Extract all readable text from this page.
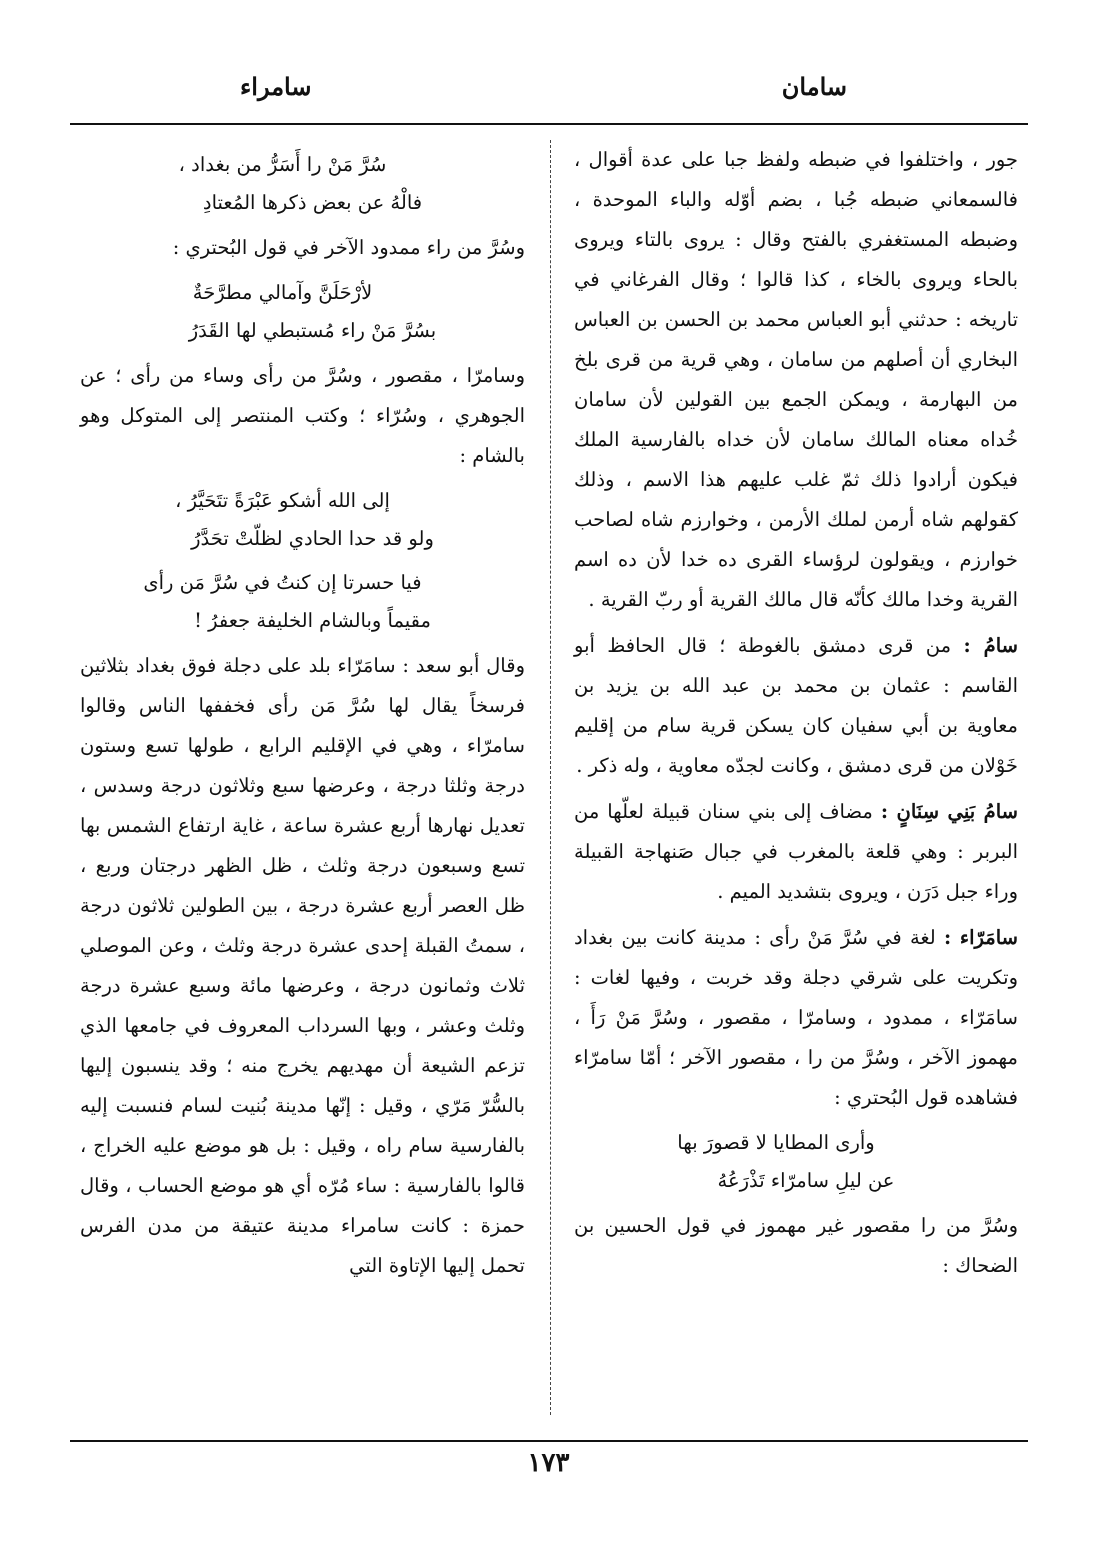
سامان
سامراء

جور ، واختلفوا في ضبطه ولفظ جبا على عدة أقوال ، فالسمعاني ضبطه جُبا ، بضم أوّله والباء الموحدة ، وضبطه المستغفري بالفتح وقال : يروى بالتاء ويروى بالحاء ويروى بالخاء ، كذا قالوا ؛ وقال الفرغاني في تاريخه : حدثني أبو العباس محمد بن الحسن بن العباس البخاري أن أصلهم من سامان ، وهي قرية من قرى بلخ من البهارمة ، ويمكن الجمع بين القولين لأن سامان خُداه معناه المالك سامان لأن خداه بالفارسية الملك فيكون أرادوا ذلك ثمّ غلب عليهم هذا الاسم ، وذلك كقولهم شاه أرمن لملك الأرمن ، وخوارزم شاه لصاحب خوارزم ، ويقولون لرؤساء القرى ده خدا لأن ده اسم القرية وخدا مالك كأنّه قال مالك القرية أو ربّ القرية .

سامُ : من قرى دمشق بالغوطة ؛ قال الحافظ أبو القاسم : عثمان بن محمد بن عبد الله بن يزيد بن معاوية بن أبي سفيان كان يسكن قرية سام من إقليم خَوْلان من قرى دمشق ، وكانت لجدّه معاوية ، وله ذكر .

سامُ بَنِي سِنَانٍ : مضاف إلى بني سنان قبيلة لعلّها من البربر : وهي قلعة بالمغرب في جبال صَنهاجة القبيلة وراء جبل دَرَن ، ويروى بتشديد الميم .

سامَرّاء : لغة في سُرَّ مَنْ رأى : مدينة كانت بين بغداد وتكريت على شرقي دجلة وقد خربت ، وفيها لغات : سامَرّاء ، ممدود ، وسامرّا ، مقصور ، وسُرَّ مَنْ رَأَ ، مهموز الآخر ، وسُرَّ من را ، مقصور الآخر ؛ أمّا سامرّاء فشاهده قول البُحتري :

وأرى المطايا لا قصورَ بها
عن ليلِ سامرّاء تَذْرَعُهُ

وسُرَّ من را مقصور غير مهموز في قول الحسين بن الضحاك :

سُرَّ مَنْ را أَسَرُّ من بغداد ،
فالْهُ عن بعض ذكرها المُعتادِ

وسُرَّ من راء ممدود الآخر في قول البُحتري :

لأرْحَلَنَّ وآمالي مطرَّحَةٌ
بسُرَّ مَنْ راء مُستبطي لها القَدَرُ

وسامرّا ، مقصور ، وسُرَّ من رأى وساء من رأى ؛ عن الجوهري ، وسُرّاء ؛ وكتب المنتصر إلى المتوكل وهو بالشام :

إلى الله أشكو عَبْرَةً تتَحَيَّرُ ،
ولو قد حدا الحادي لظلّتْ تحَدَّرُ
فيا حسرتا إن كنتُ في سُرَّ مَن رأى
مقيماً وبالشام الخليفة جعفرُ !

وقال أبو سعد : سامَرّاء بلد على دجلة فوق بغداد بثلاثين فرسخاً يقال لها سُرَّ مَن رأى فخففها الناس وقالوا سامرّاء ، وهي في الإقليم الرابع ، طولها تسع وستون درجة وثلثا درجة ، وعرضها سبع وثلاثون درجة وسدس ، تعديل نهارها أربع عشرة ساعة ، غاية ارتفاع الشمس بها تسع وسبعون درجة وثلث ، ظل الظهر درجتان وربع ، ظل العصر أربع عشرة درجة ، بين الطولين ثلاثون درجة ، سمتُ القبلة إحدى عشرة درجة وثلث ، وعن الموصلي ثلاث وثمانون درجة ، وعرضها مائة وسبع عشرة درجة وثلث وعشر ، وبها السرداب المعروف في جامعها الذي تزعم الشيعة أن مهديهم يخرج منه ؛ وقد ينسبون إليها بالسُّرّ مَرّي ، وقيل : إنّها مدينة بُنيت لسام فنسبت إليه بالفارسية سام راه ، وقيل : بل هو موضع عليه الخراج ، قالوا بالفارسية : ساء مُرّه أي هو موضع الحساب ، وقال حمزة : كانت سامراء مدينة عتيقة من مدن الفرس تحمل إليها الإتاوة التي

١٧٣
